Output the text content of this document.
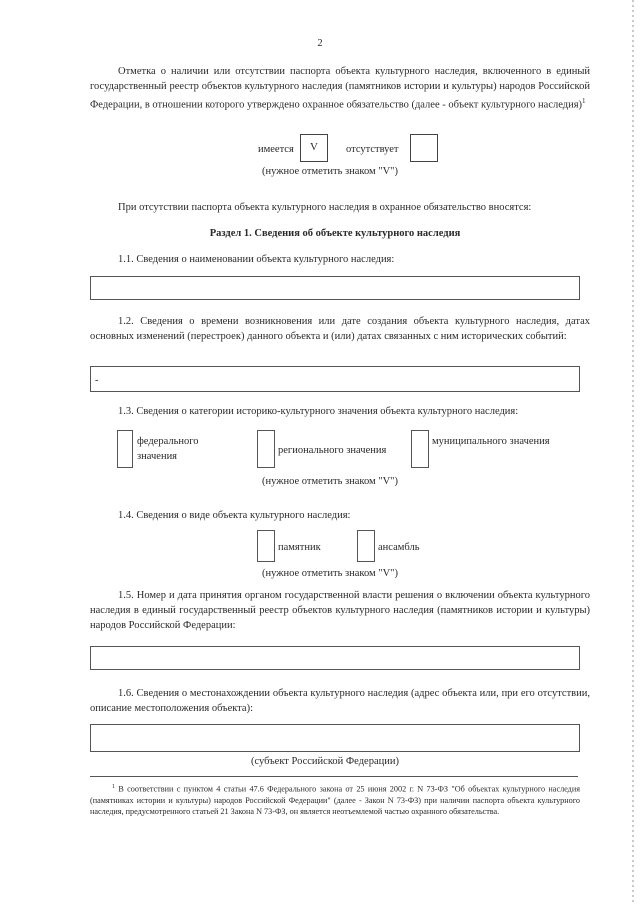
2
Отметка о наличии или отсутствии паспорта объекта культурного наследия, включенного в единый государственный реестр объектов культурного наследия (памятников истории и культуры) народов Российской Федерации, в отношении которого утверждено охранное обязательство (далее - объект культурного наследия)$^1$
имеется	V	отсутствует
(нужное отметить знаком "V")
При отсутствии паспорта объекта культурного наследия в охранное обязательство вносятся:
Раздел 1. Сведения об объекте культурного наследия
1.1. Сведения о наименовании объекта культурного наследия:
1.2. Сведения о времени возникновения или дате создания объекта культурного наследия, датах основных изменений (перестроек) данного объекта и (или) датах связанных с ним исторических событий:
-
1.3. Сведения о категории историко-культурного значения объекта культурного наследия:
федерального значения
регионального значения
муниципального значения
(нужное отметить знаком "V")
1.4. Сведения о виде объекта культурного наследия:
памятник	ансамбль
(нужное отметить знаком "V")
1.5. Номер и дата принятия органом государственной власти решения о включении объекта культурного наследия в единый государственный реестр объектов культурного наследия (памятников истории и культуры) народов Российской Федерации:
1.6. Сведения о местонахождении объекта культурного наследия (адрес объекта или, при его отсутствии, описание местоположения объекта):
(субъект Российской Федерации)
$^1$ В соответствии с пунктом 4 статьи 47.6 Федерального закона от 25 июня 2002 г. N 73-ФЗ "Об объектах культурного наследия (памятниках истории и культуры) народов Российской Федерации" (далее - Закон N 73-ФЗ) при наличии паспорта объекта культурного наследия, предусмотренного статьей 21 Закона N 73-ФЗ, он является неотъемлемой частью охранного обязательства.
